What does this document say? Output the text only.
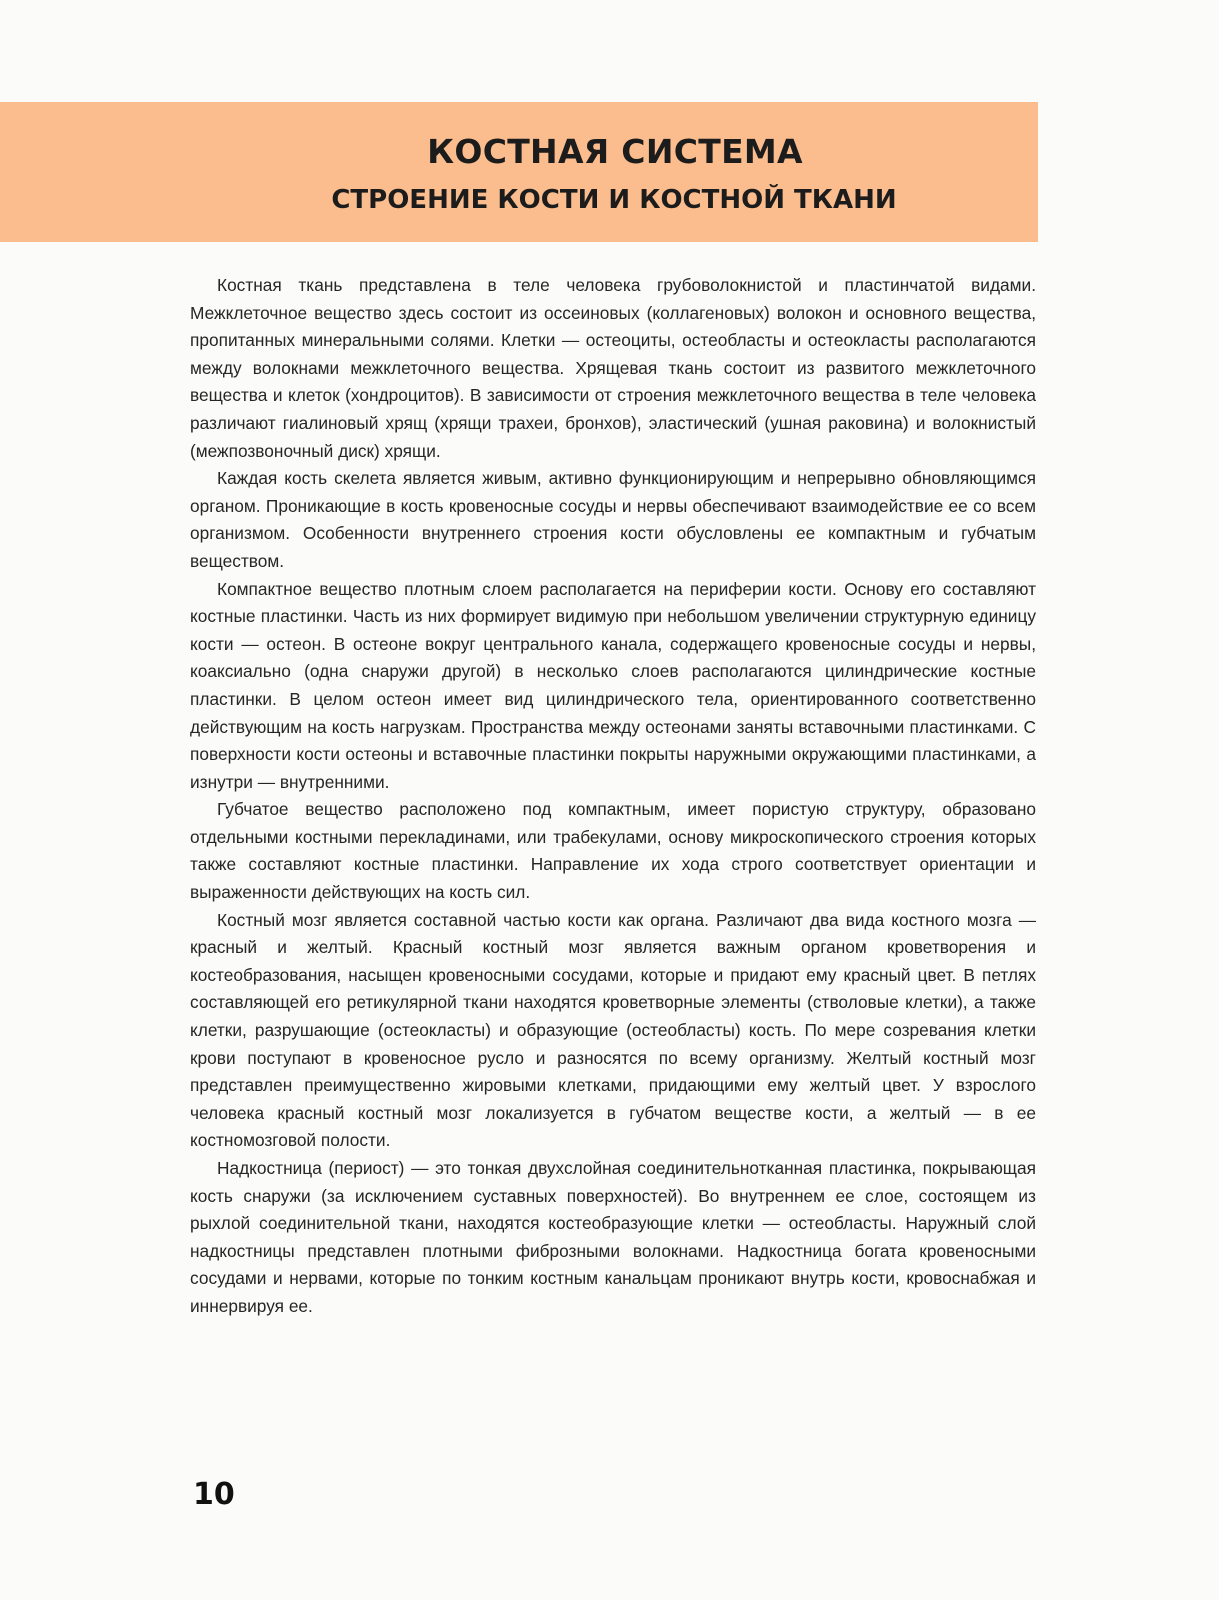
КОСТНАЯ СИСТЕМА
СТРОЕНИЕ КОСТИ И КОСТНОЙ ТКАНИ

Костная ткань представлена в теле человека грубоволокнистой и пластинчатой видами. Межклеточное вещество здесь состоит из оссеиновых (коллагеновых) волокон и основного вещества, пропитанных минеральными солями. Клетки — остеоциты, остеобласты и остеокласты располагаются между волокнами межклеточного вещества. Хрящевая ткань состоит из развитого межклеточного вещества и клеток (хондроцитов). В зависимости от строения межклеточного вещества в теле человека различают гиалиновый хрящ (хрящи трахеи, бронхов), эластический (ушная раковина) и волокнистый (межпозвоночный диск) хрящи.

Каждая кость скелета является живым, активно функционирующим и непрерывно обновляющимся органом. Проникающие в кость кровеносные сосуды и нервы обеспечивают взаимодействие ее со всем организмом. Особенности внутреннего строения кости обусловлены ее компактным и губчатым веществом.

Компактное вещество плотным слоем располагается на периферии кости. Основу его составляют костные пластинки. Часть из них формирует видимую при небольшом увеличении структурную единицу кости — остеон. В остеоне вокруг центрального канала, содержащего кровеносные сосуды и нервы, коаксиально (одна снаружи другой) в несколько слоев располагаются цилиндрические костные пластинки. В целом остеон имеет вид цилиндрического тела, ориентированного соответственно действующим на кость нагрузкам. Пространства между остеонами заняты вставочными пластинками. С поверхности кости остеоны и вставочные пластинки покрыты наружными окружающими пластинками, а изнутри — внутренними.

Губчатое вещество расположено под компактным, имеет пористую структуру, образовано отдельными костными перекладинами, или трабекулами, основу микроскопического строения которых также составляют костные пластинки. Направление их хода строго соответствует ориентации и выраженности действующих на кость сил.

Костный мозг является составной частью кости как органа. Различают два вида костного мозга — красный и желтый. Красный костный мозг является важным органом кроветворения и костеобразования, насыщен кровеносными сосудами, которые и придают ему красный цвет. В петлях составляющей его ретикулярной ткани находятся кроветворные элементы (стволовые клетки), а также клетки, разрушающие (остеокласты) и образующие (остеобласты) кость. По мере созревания клетки крови поступают в кровеносное русло и разносятся по всему организму. Желтый костный мозг представлен преимущественно жировыми клетками, придающими ему желтый цвет. У взрослого человека красный костный мозг локализуется в губчатом веществе кости, а желтый — в ее костномозговой полости.

Надкостница (периост) — это тонкая двухслойная соединительнотканная пластинка, покрывающая кость снаружи (за исключением суставных поверхностей). Во внутреннем ее слое, состоящем из рыхлой соединительной ткани, находятся костеобразующие клетки — остеобласты. Наружный слой надкостницы представлен плотными фиброзными волокнами. Надкостница богата кровеносными сосудами и нервами, которые по тонким костным канальцам проникают внутрь кости, кровоснабжая и иннервируя ее.

10
